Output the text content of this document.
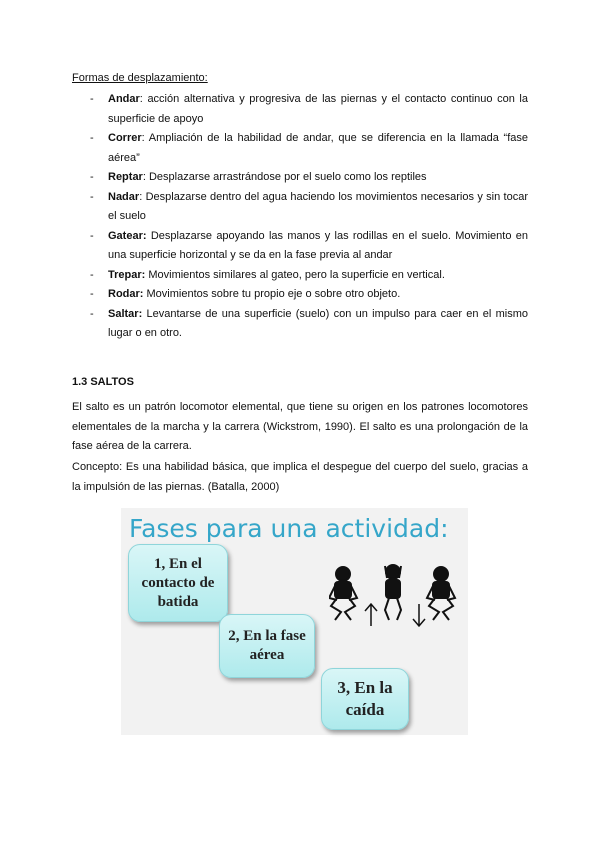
Formas de desplazamiento:
- Andar: acción alternativa y progresiva de las piernas y el contacto continuo con la superficie de apoyo
- Correr: Ampliación de la habilidad de andar, que se diferencia en la llamada “fase aérea”
- Reptar: Desplazarse arrastrándose por el suelo como los reptiles
- Nadar: Desplazarse dentro del agua haciendo los movimientos necesarios y sin tocar el suelo
- Gatear: Desplazarse apoyando las manos y las rodillas en el suelo. Movimiento en una superficie horizontal y se da en la fase previa al andar
- Trepar: Movimientos similares al gateo, pero la superficie en vertical.
- Rodar: Movimientos sobre tu propio eje o sobre otro objeto.
- Saltar: Levantarse de una superficie (suelo) con un impulso para caer en el mismo lugar o en otro.
1.3 SALTOS
El salto es un patrón locomotor elemental, que tiene su origen en los patrones locomotores elementales de la marcha y la carrera (Wickstrom, 1990). El salto es una prolongación de la fase aérea de la carrera.
Concepto: Es una habilidad básica, que implica el despegue del cuerpo del suelo, gracias a la impulsión de las piernas. (Batalla, 2000)
Fases para una actividad:
1, En el contacto de batida
2, En la fase aérea
3, En la caída
